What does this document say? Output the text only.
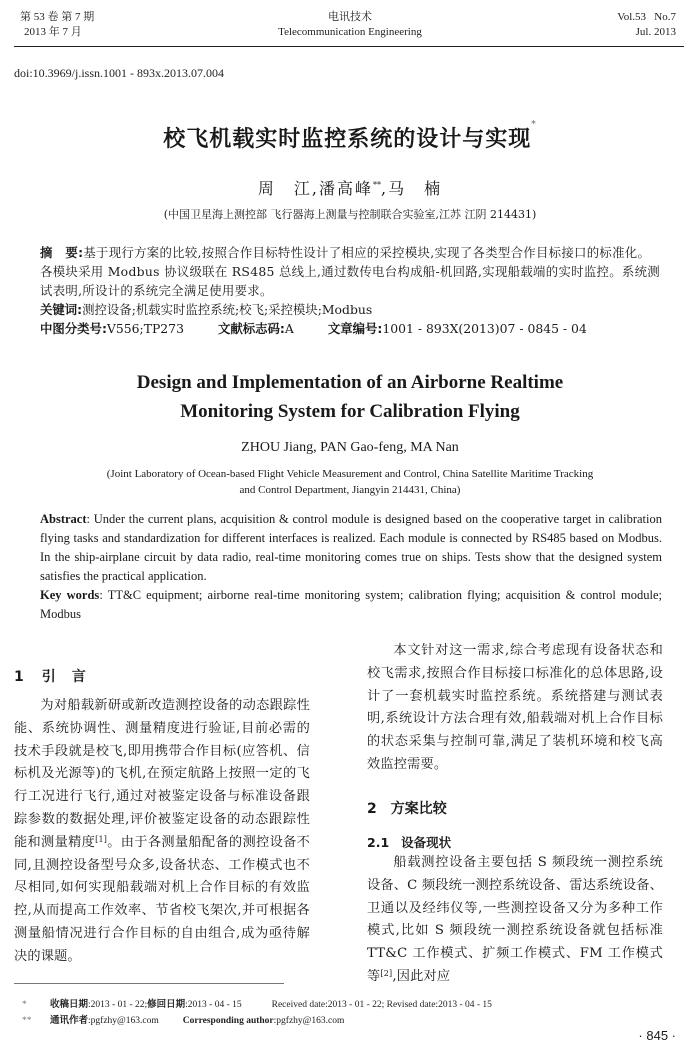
第 53 卷 第 7 期
2013 年 7 月
电讯技术
Telecommunication Engineering
Vol.53   No.7
Jul. 2013
doi:10.3969/j.issn.1001 - 893x.2013.07.004
校飞机载实时监控系统的设计与实现*
周　江,潘高峰**,马　楠
(中国卫星海上测控部 飞行器海上测量与控制联合实验室,江苏 江阴 214431)
摘　要:基于现行方案的比较,按照合作目标特性设计了相应的采控模块,实现了各类型合作目标接口的标准化。各模块采用 Modbus 协议级联在 RS485 总线上,通过数传电台构成船-机回路,实现船载端的实时监控。系统测试表明,所设计的系统完全满足使用要求。
关键词:测控设备;机载实时监控系统;校飞;采控模块;Modbus
中图分类号:V556;TP273	文献标志码:A	文章编号:1001 - 893X(2013)07 - 0845 - 04
Design and Implementation of an Airborne Realtime
Monitoring System for Calibration Flying
ZHOU Jiang, PAN Gao-feng, MA Nan
(Joint Laboratory of Ocean-based Flight Vehicle Measurement and Control, China Satellite Maritime Tracking
and Control Department, Jiangyin 214431, China)
Abstract: Under the current plans, acquisition & control module is designed based on the cooperative target in calibration flying tasks and standardization for different interfaces is realized. Each module is connected by RS485 based on Modbus. In the ship-airplane circuit by data radio, real-time monitoring comes true on ships. Tests show that the designed system satisfies the practical application.
Key words: TT&C equipment; airborne real-time monitoring system; calibration flying; acquisition & control module; Modbus
1 引 言

为对船载新研或新改造测控设备的动态跟踪性能、系统协调性、测量精度进行验证,目前必需的技术手段就是校飞,即用携带合作目标(应答机、信标机及光源等)的飞机,在预定航路上按照一定的飞行工况进行飞行,通过对被鉴定设备与标准设备跟踪参数的数据处理,评价被鉴定设备的动态跟踪性能和测量精度[1]。由于各测量船配备的测控设备不同,且测控设备型号众多,设备状态、工作模式也不尽相同,如何实现船载端对机上合作目标的有效监控,从而提高工作效率、节省校飞架次,并可根据各测量船情况进行合作目标的自由组合,成为亟待解决的课题。

本文针对这一需求,综合考虑现有设备状态和校飞需求,按照合作目标接口标准化的总体思路,设计了一套机载实时监控系统。系统搭建与测试表明,系统设计方法合理有效,船载端对机上合作目标的状态采集与控制可靠,满足了装机环境和校飞高效监控需要。

2 方案比较
2.1 设备现状

船载测控设备主要包括 S 频段统一测控系统设备、C 频段统一测控系统设备、雷达系统设备、卫通以及经纬仪等,一些测控设备又分为多种工作模式,比如 S 频段统一测控系统设备就包括标准 TT&C 工作模式、扩频工作模式、FM 工作模式等[2],因此对应

* 收稿日期:2013 - 01 - 22;修回日期:2013 - 04 - 15	Received date:2013 - 01 - 22; Revised date:2013 - 04 - 15
** 通讯作者:pgfzhy@163.com	Corresponding author:pgfzhy@163.com
· 845 ·
